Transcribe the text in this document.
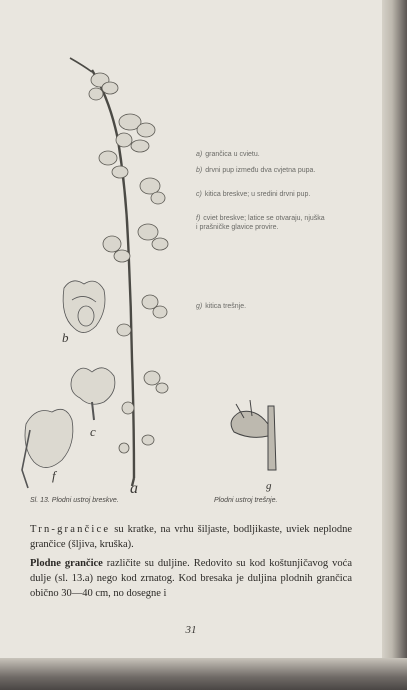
a) grančica u cvietu.
b) drvni pup između dva cvjetna pupa.
c) kitica breskve; u sredini drvni pup.
f) cviet breskve; latice se otvaraju, njuška i prašničke glavice provire.
g) kitica trešnje.
a
b
c
f
g
Sl. 13. Plodni ustroj breskve.	Plodni ustroj trešnje.
Trn-grančice su kratke, na vrhu šiljaste, bodljikaste, uviek neplodne grančice (šljiva, kruška).
Plodne grančice različite su duljine. Redovito su kod koštunjičavog voća dulje (sl. 13.a) nego kod zrnatog. Kod bresaka je duljina plodnih grančica obično 30—40 cm, no dosegne i
31
